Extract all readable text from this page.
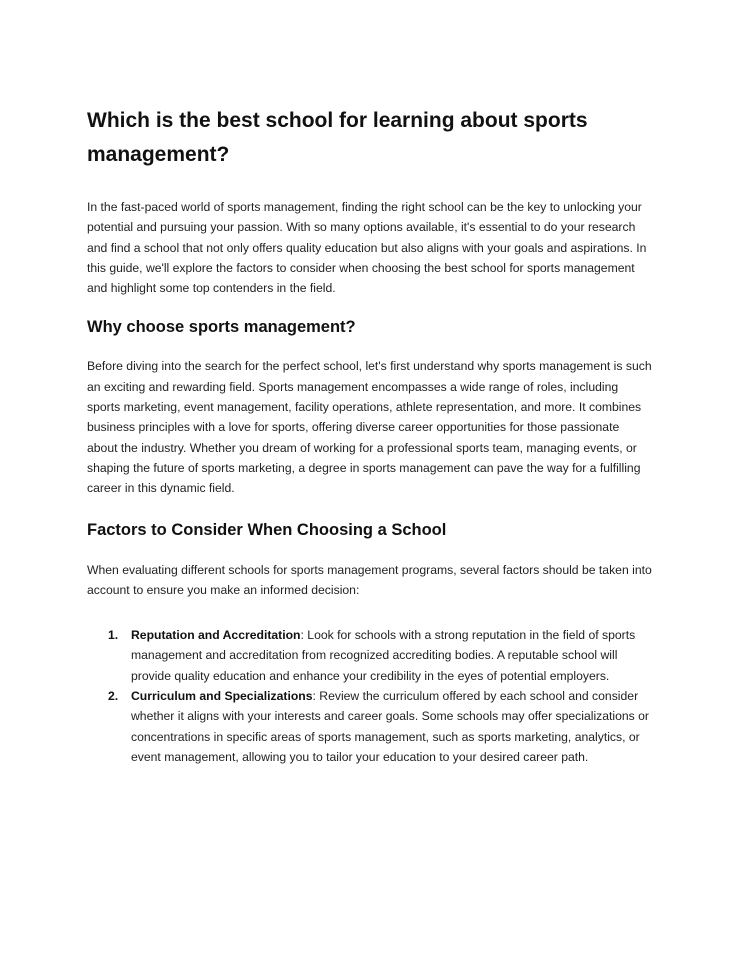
Which is the best school for learning about sports management?

In the fast-paced world of sports management, finding the right school can be the key to unlocking your potential and pursuing your passion. With so many options available, it's essential to do your research and find a school that not only offers quality education but also aligns with your goals and aspirations. In this guide, we'll explore the factors to consider when choosing the best school for sports management and highlight some top contenders in the field.

Why choose sports management?

Before diving into the search for the perfect school, let's first understand why sports management is such an exciting and rewarding field. Sports management encompasses a wide range of roles, including sports marketing, event management, facility operations, athlete representation, and more. It combines business principles with a love for sports, offering diverse career opportunities for those passionate about the industry. Whether you dream of working for a professional sports team, managing events, or shaping the future of sports marketing, a degree in sports management can pave the way for a fulfilling career in this dynamic field.

Factors to Consider When Choosing a School

When evaluating different schools for sports management programs, several factors should be taken into account to ensure you make an informed decision:

1. Reputation and Accreditation: Look for schools with a strong reputation in the field of sports management and accreditation from recognized accrediting bodies. A reputable school will provide quality education and enhance your credibility in the eyes of potential employers.
2. Curriculum and Specializations: Review the curriculum offered by each school and consider whether it aligns with your interests and career goals. Some schools may offer specializations or concentrations in specific areas of sports management, such as sports marketing, analytics, or event management, allowing you to tailor your education to your desired career path.
